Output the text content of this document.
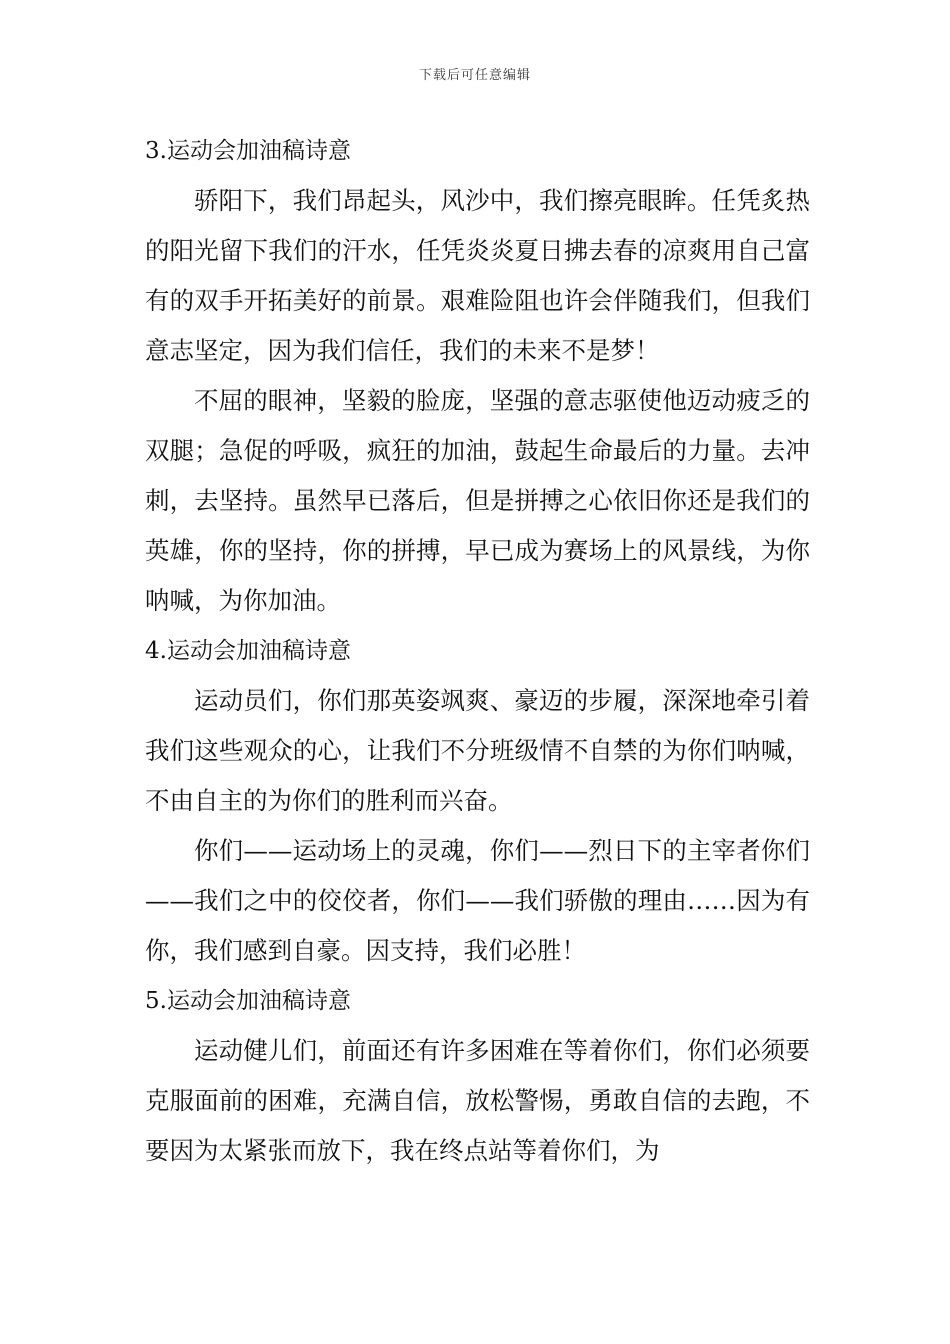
下载后可任意编辑
3.运动会加油稿诗意

骄阳下，我们昂起头，风沙中，我们擦亮眼眸。任凭炙热的阳光留下我们的汗水，任凭炎炎夏日拂去春的凉爽用自己富有的双手开拓美好的前景。艰难险阻也许会伴随我们，但我们意志坚定，因为我们信任，我们的未来不是梦！

不屈的眼神，坚毅的脸庞，坚强的意志驱使他迈动疲乏的双腿；急促的呼吸，疯狂的加油，鼓起生命最后的力量。去冲刺，去坚持。虽然早已落后，但是拼搏之心依旧你还是我们的英雄，你的坚持，你的拼搏，早已成为赛场上的风景线，为你呐喊，为你加油。

4.运动会加油稿诗意

运动员们，你们那英姿飒爽、豪迈的步履，深深地牵引着我们这些观众的心，让我们不分班级情不自禁的为你们呐喊，不由自主的为你们的胜利而兴奋。

你们——运动场上的灵魂，你们——烈日下的主宰者你们——我们之中的佼佼者，你们——我们骄傲的理由……因为有你，我们感到自豪。因支持，我们必胜！

5.运动会加油稿诗意

运动健儿们，前面还有许多困难在等着你们，你们必须要克服面前的困难，充满自信，放松警惕，勇敢自信的去跑，不要因为太紧张而放下，我在终点站等着你们，为
